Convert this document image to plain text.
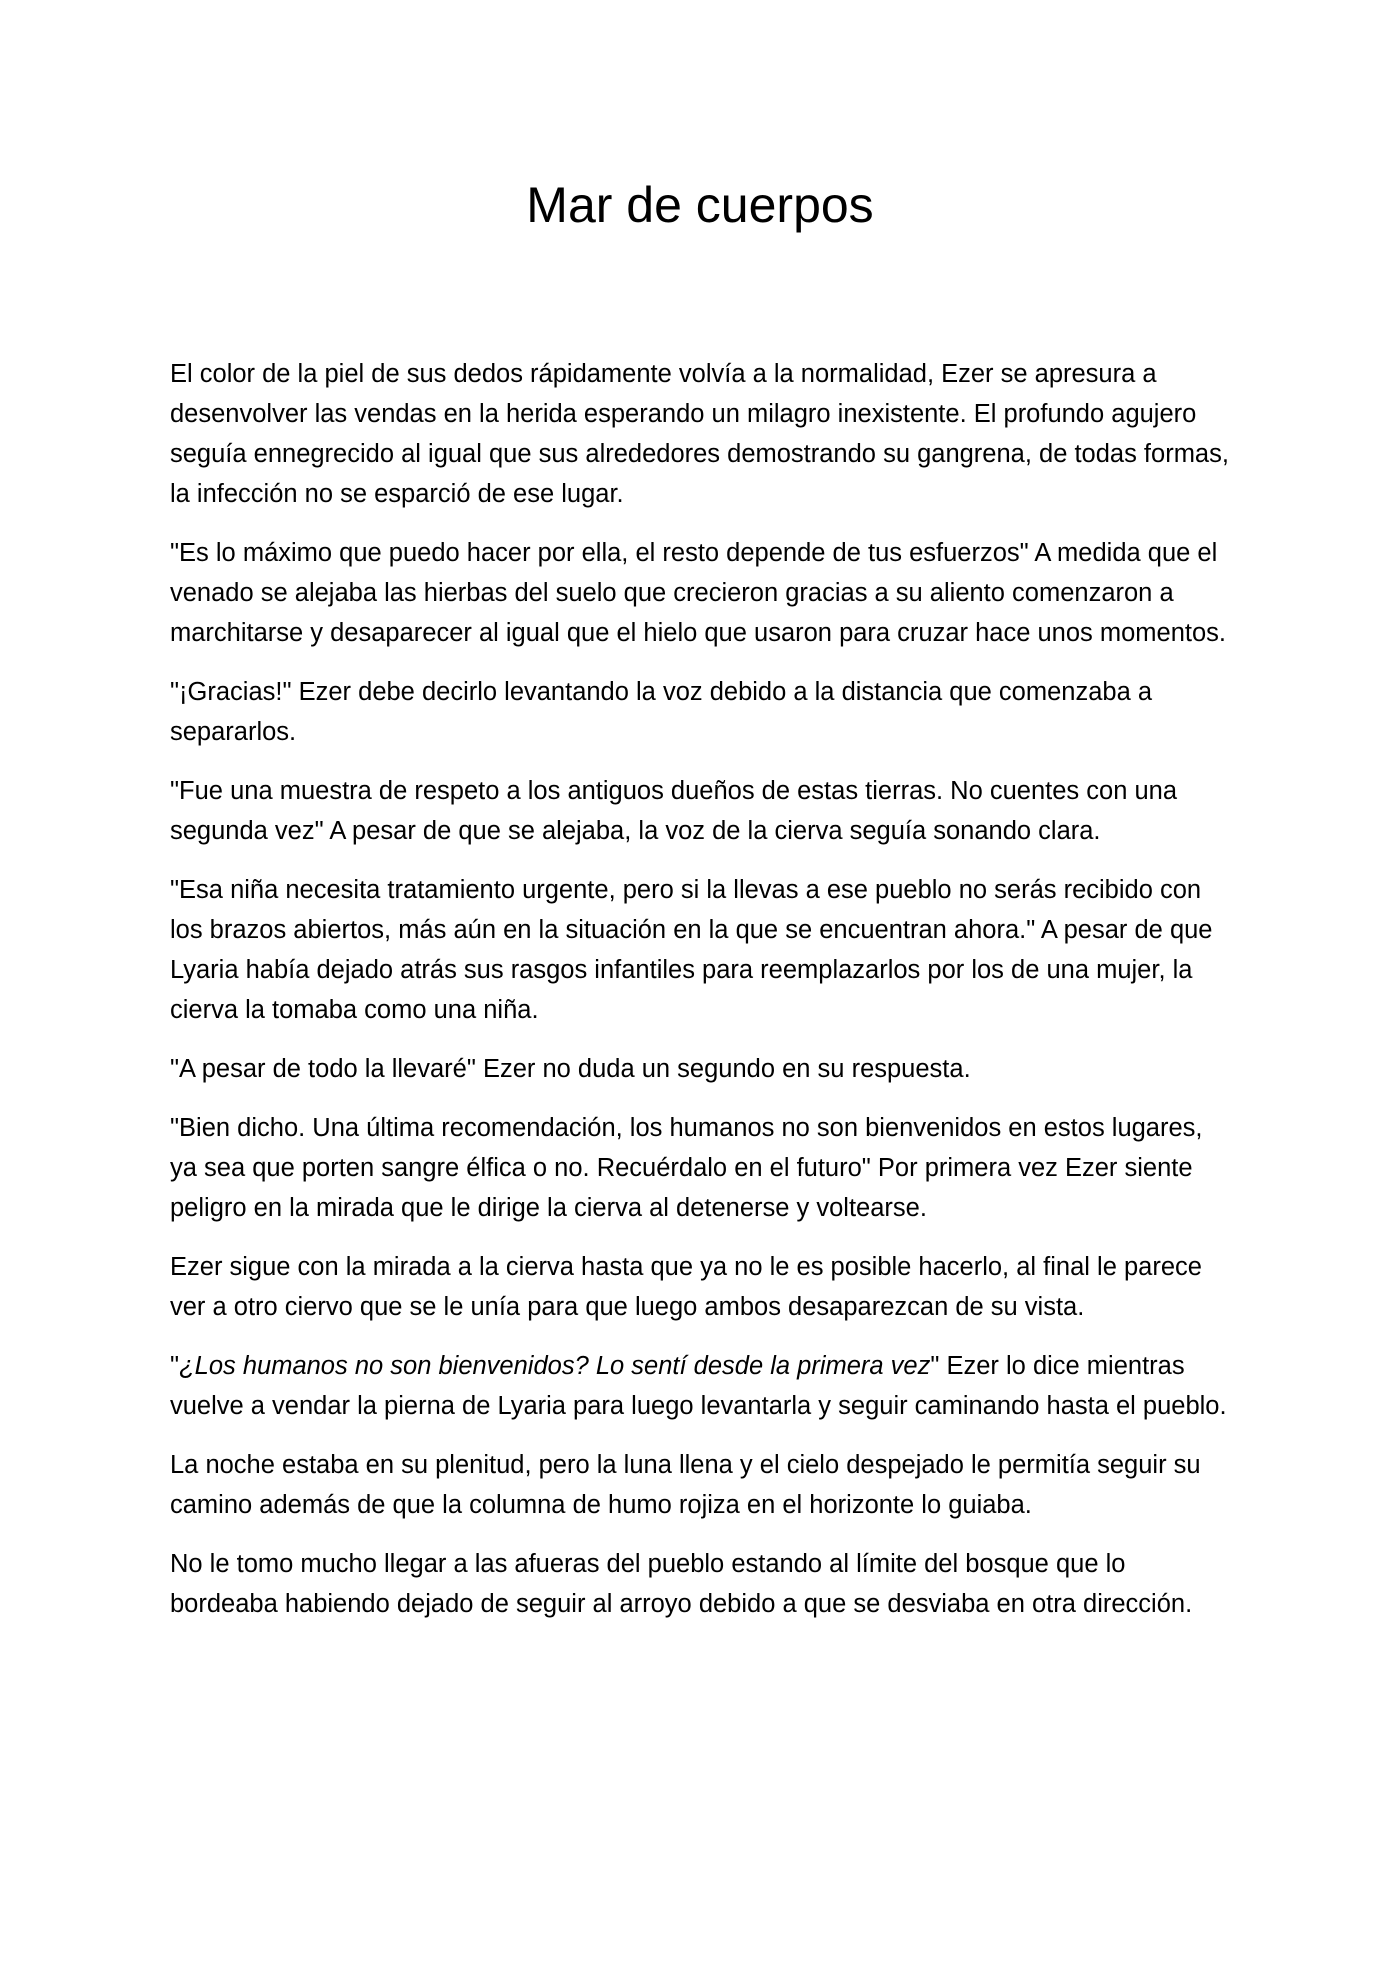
Mar de cuerpos

El color de la piel de sus dedos rápidamente volvía a la normalidad, Ezer se apresura a desenvolver las vendas en la herida esperando un milagro inexistente. El profundo agujero seguía ennegrecido al igual que sus alrededores demostrando su gangrena, de todas formas, la infección no se esparció de ese lugar.

"Es lo máximo que puedo hacer por ella, el resto depende de tus esfuerzos" A medida que el venado se alejaba las hierbas del suelo que crecieron gracias a su aliento comenzaron a marchitarse y desaparecer al igual que el hielo que usaron para cruzar hace unos momentos.

"¡Gracias!" Ezer debe decirlo levantando la voz debido a la distancia que comenzaba a separarlos.

"Fue una muestra de respeto a los antiguos dueños de estas tierras. No cuentes con una segunda vez" A pesar de que se alejaba, la voz de la cierva seguía sonando clara.

"Esa niña necesita tratamiento urgente, pero si la llevas a ese pueblo no serás recibido con los brazos abiertos, más aún en la situación en la que se encuentran ahora." A pesar de que Lyaria había dejado atrás sus rasgos infantiles para reemplazarlos por los de una mujer, la cierva la tomaba como una niña.

"A pesar de todo la llevaré" Ezer no duda un segundo en su respuesta.

"Bien dicho. Una última recomendación, los humanos no son bienvenidos en estos lugares, ya sea que porten sangre élfica o no. Recuérdalo en el futuro" Por primera vez Ezer siente peligro en la mirada que le dirige la cierva al detenerse y voltearse.

Ezer sigue con la mirada a la cierva hasta que ya no le es posible hacerlo, al final le parece ver a otro ciervo que se le unía para que luego ambos desaparezcan de su vista.

"¿Los humanos no son bienvenidos? Lo sentí desde la primera vez" Ezer lo dice mientras vuelve a vendar la pierna de Lyaria para luego levantarla y seguir caminando hasta el pueblo.

La noche estaba en su plenitud, pero la luna llena y el cielo despejado le permitía seguir su camino además de que la columna de humo rojiza en el horizonte lo guiaba.

No le tomo mucho llegar a las afueras del pueblo estando al límite del bosque que lo bordeaba habiendo dejado de seguir al arroyo debido a que se desviaba en otra dirección.
